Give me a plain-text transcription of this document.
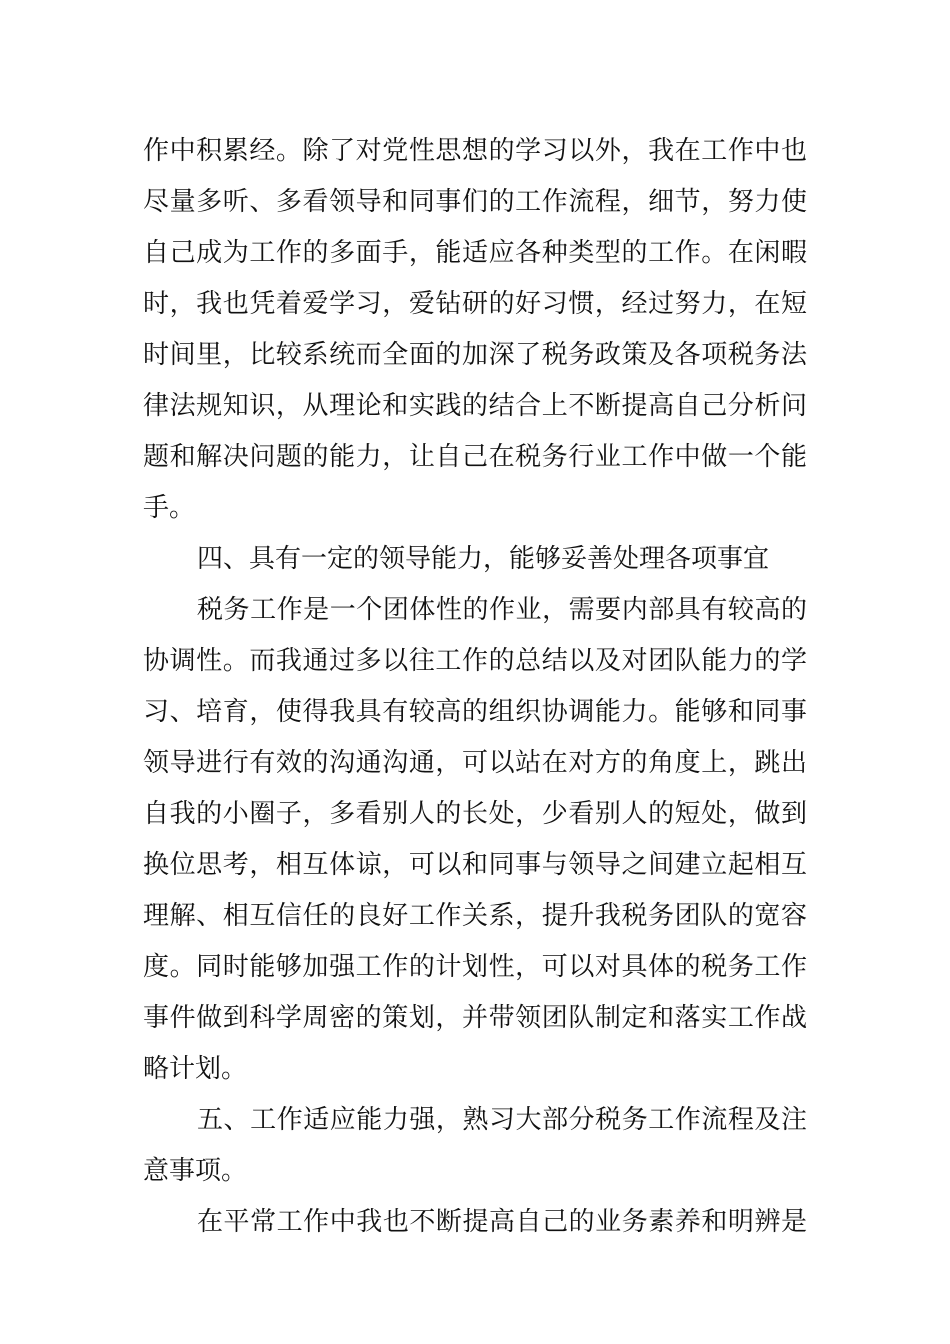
作中积累经。除了对党性思想的学习以外，我在工作中也
尽量多听、多看领导和同事们的工作流程，细节，努力使
自己成为工作的多面手，能适应各种类型的工作。在闲暇
时，我也凭着爱学习，爱钻研的好习惯，经过努力，在短
时间里，比较系统而全面的加深了税务政策及各项税务法
律法规知识，从理论和实践的结合上不断提高自己分析问
题和解决问题的能力，让自己在税务行业工作中做一个能
手。
四、具有一定的领导能力，能够妥善处理各项事宜
税务工作是一个团体性的作业，需要内部具有较高的
协调性。而我通过多以往工作的总结以及对团队能力的学
习、培育，使得我具有较高的组织协调能力。能够和同事
领导进行有效的沟通沟通，可以站在对方的角度上，跳出
自我的小圈子，多看别人的长处，少看别人的短处，做到
换位思考，相互体谅，可以和同事与领导之间建立起相互
理解、相互信任的良好工作关系，提升我税务团队的宽容
度。同时能够加强工作的计划性，可以对具体的税务工作
事件做到科学周密的策划，并带领团队制定和落实工作战
略计划。
五、工作适应能力强，熟习大部分税务工作流程及注
意事项。
在平常工作中我也不断提高自己的业务素养和明辨是
